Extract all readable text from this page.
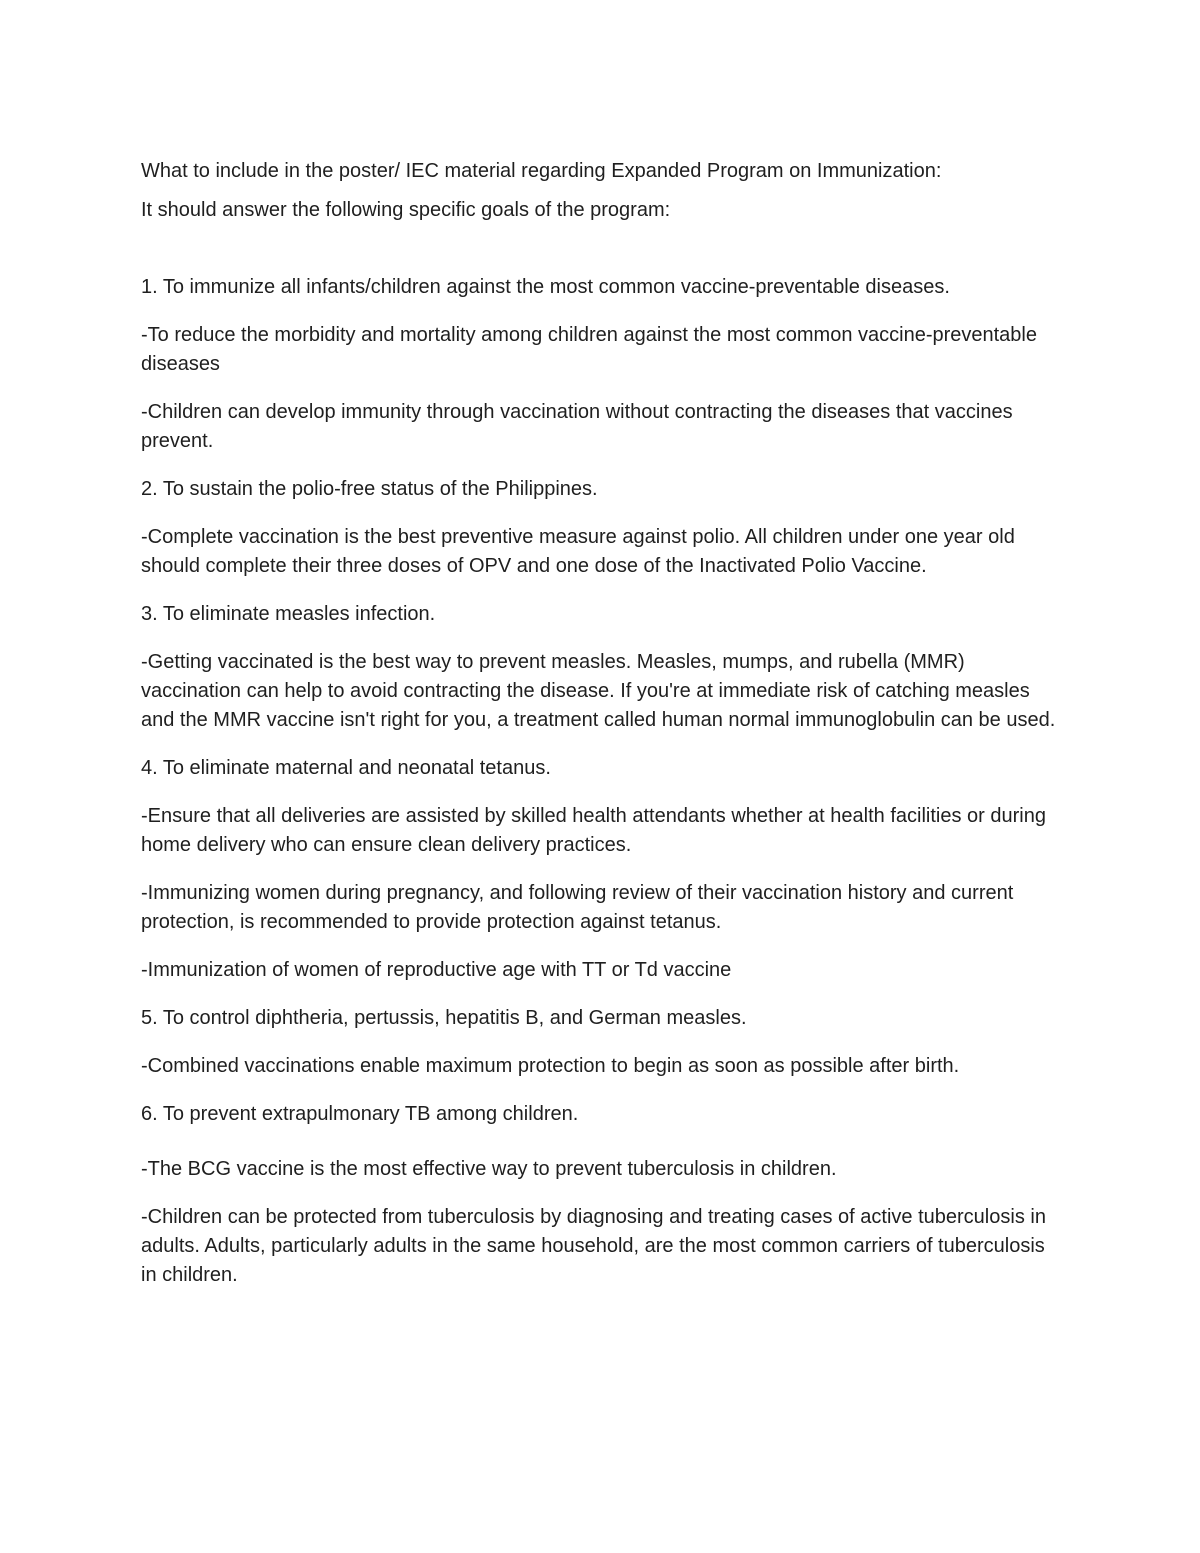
What to include in the poster/ IEC material regarding Expanded Program on Immunization:

It should answer the following specific goals of the program:

1. To immunize all infants/children against the most common vaccine-preventable diseases.

-To reduce the morbidity and mortality among children against the most common vaccine-preventable diseases

-Children can develop immunity through vaccination without contracting the diseases that vaccines prevent.

2. To sustain the polio-free status of the Philippines.

-Complete vaccination is the best preventive measure against polio. All children under one year old should complete their three doses of OPV and one dose of the Inactivated Polio Vaccine.

3. To eliminate measles infection.

-Getting vaccinated is the best way to prevent measles. Measles, mumps, and rubella (MMR) vaccination can help to avoid contracting the disease. If you're at immediate risk of catching measles and the MMR vaccine isn't right for you, a treatment called human normal immunoglobulin can be used.

4. To eliminate maternal and neonatal tetanus.

-Ensure that all deliveries are assisted by skilled health attendants whether at health facilities or during home delivery who can ensure clean delivery practices.

-Immunizing women during pregnancy, and following review of their vaccination history and current protection, is recommended to provide protection against tetanus.

-Immunization of women of reproductive age with TT or Td vaccine

5. To control diphtheria, pertussis, hepatitis B, and German measles.

-Combined vaccinations enable maximum protection to begin as soon as possible after birth.

6. To prevent extrapulmonary TB among children.

-The BCG vaccine is the most effective way to prevent tuberculosis in children.

-Children can be protected from tuberculosis by diagnosing and treating cases of active tuberculosis in adults. Adults, particularly adults in the same household, are the most common carriers of tuberculosis in children.
